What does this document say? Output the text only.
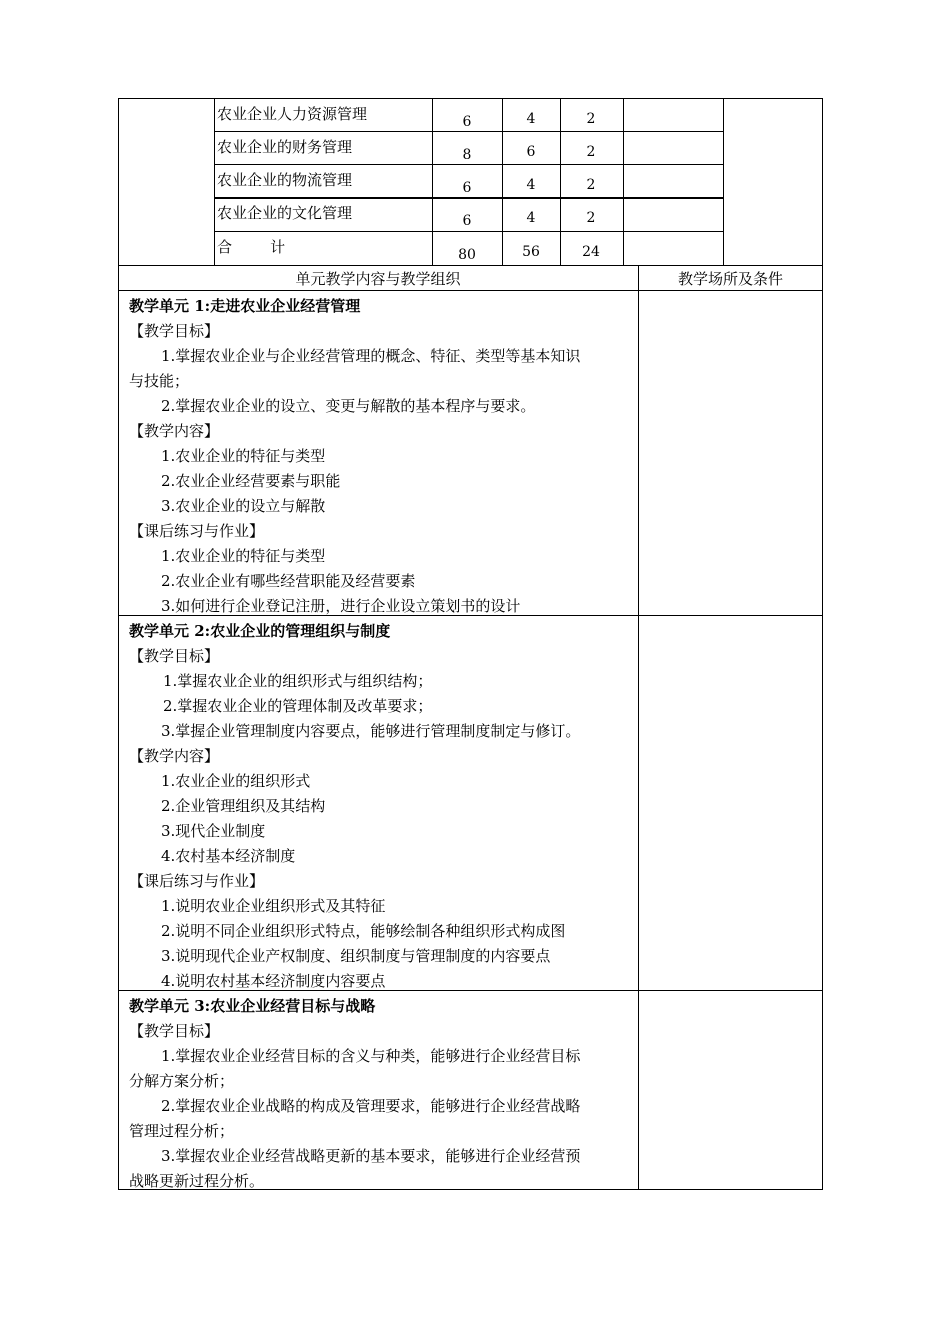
农业企业人力资源管理	6	4	2
农业企业的财务管理	8	6	2
农业企业的物流管理	6	4	2
农业企业的文化管理	6	4	2
合        计	80	56	24
单元教学内容与教学组织	教学场所及条件
教学单元 1:走进农业企业经营管理
【教学目标】
1.掌握农业企业与企业经营管理的概念、特征、类型等基本知识
与技能；
2.掌握农业企业的设立、变更与解散的基本程序与要求。
【教学内容】
1.农业企业的特征与类型
2.农业企业经营要素与职能
3.农业企业的设立与解散
【课后练习与作业】
1.农业企业的特征与类型
2.农业企业有哪些经营职能及经营要素
3.如何进行企业登记注册，进行企业设立策划书的设计
教学单元 2:农业企业的管理组织与制度
【教学目标】
1.掌握农业企业的组织形式与组织结构；
2.掌握农业企业的管理体制及改革要求；
3.掌握企业管理制度内容要点，能够进行管理制度制定与修订。
【教学内容】
1.农业企业的组织形式
2.企业管理组织及其结构
3.现代企业制度
4.农村基本经济制度
【课后练习与作业】
1.说明农业企业组织形式及其特征
2.说明不同企业组织形式特点，能够绘制各种组织形式构成图
3.说明现代企业产权制度、组织制度与管理制度的内容要点
4.说明农村基本经济制度内容要点
教学单元 3:农业企业经营目标与战略
【教学目标】
1.掌握农业企业经营目标的含义与种类，能够进行企业经营目标
分解方案分析；
2.掌握农业企业战略的构成及管理要求，能够进行企业经营战略
管理过程分析；
3.掌握农业企业经营战略更新的基本要求，能够进行企业经营预
战略更新过程分析。
